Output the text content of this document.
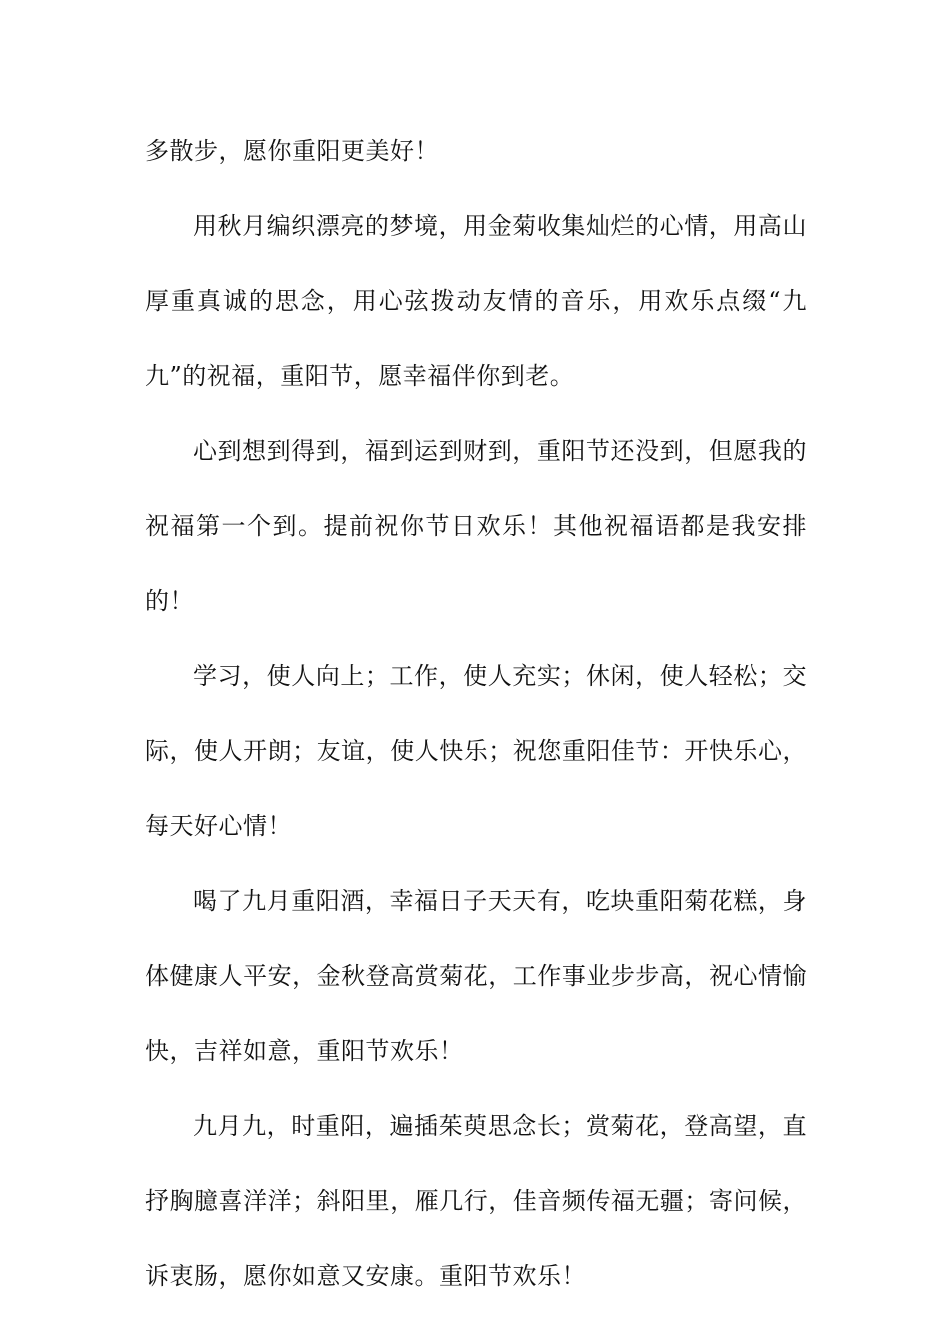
多散步，愿你重阳更美好！

用秋月编织漂亮的梦境，用金菊收集灿烂的心情，用高山厚重真诚的思念，用心弦拨动友情的音乐，用欢乐点缀“九九”的祝福，重阳节，愿幸福伴你到老。

心到想到得到，福到运到财到，重阳节还没到，但愿我的祝福第一个到。提前祝你节日欢乐！其他祝福语都是我安排的！

学习，使人向上；工作，使人充实；休闲，使人轻松；交际，使人开朗；友谊，使人快乐；祝您重阳佳节：开快乐心，每天好心情！

喝了九月重阳酒，幸福日子天天有，吃块重阳菊花糕，身体健康人平安，金秋登高赏菊花，工作事业步步高，祝心情愉快，吉祥如意，重阳节欢乐！

九月九，时重阳，遍插茱萸思念长；赏菊花，登高望，直抒胸臆喜洋洋；斜阳里，雁几行，佳音频传福无疆；寄问候，诉衷肠，愿你如意又安康。重阳节欢乐！
